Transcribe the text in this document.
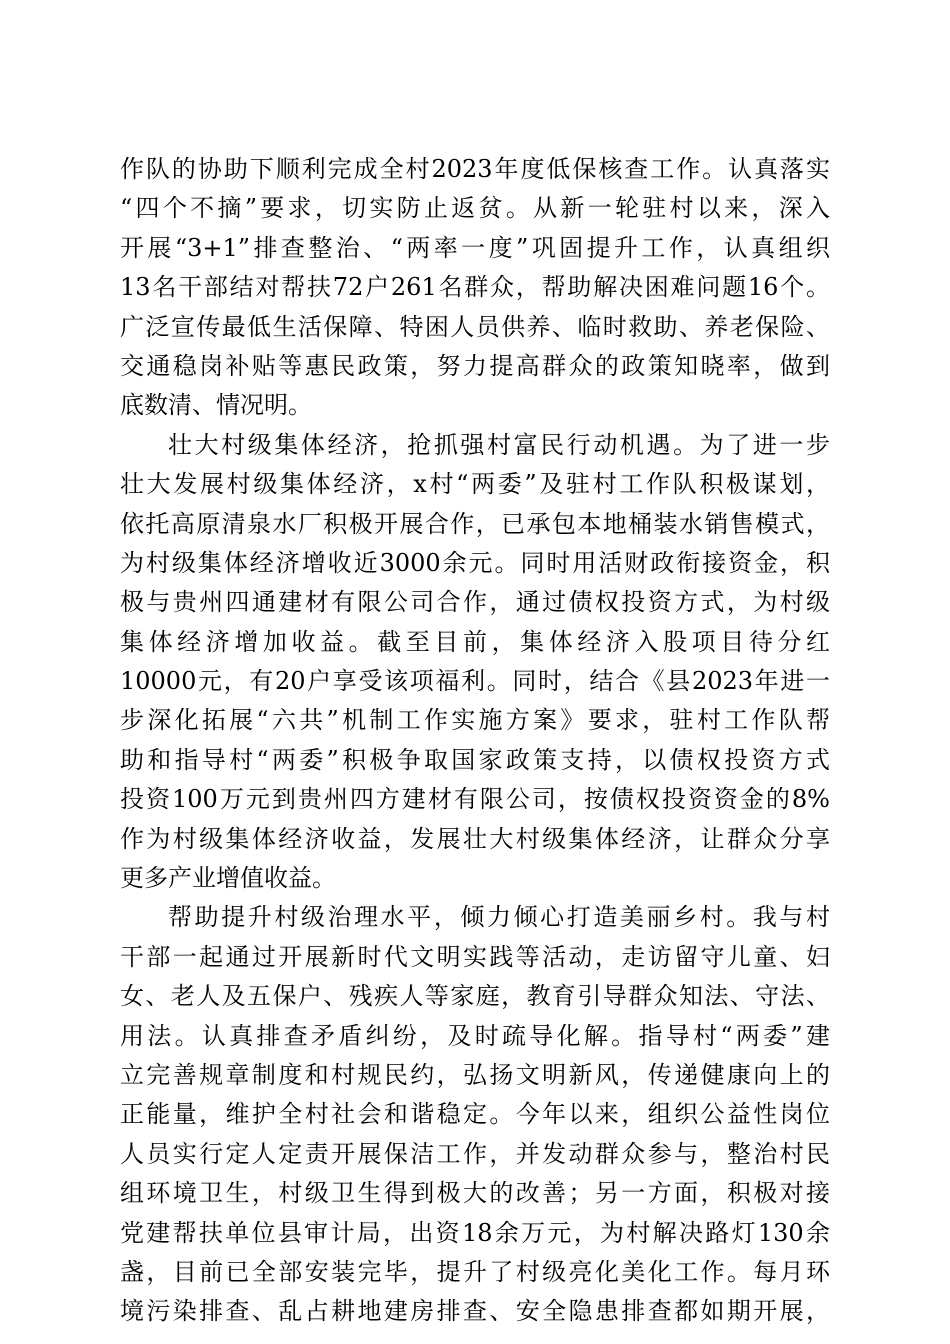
作队的协助下顺利完成全村2023年度低保核查工作。认真落实
“四个不摘”要求，切实防止返贫。从新一轮驻村以来，深入
开展“3+1”排查整治、“两率一度”巩固提升工作，认真组织
13名干部结对帮扶72户261名群众，帮助解决困难问题16个。
广泛宣传最低生活保障、特困人员供养、临时救助、养老保险、
交通稳岗补贴等惠民政策，努力提高群众的政策知晓率，做到
底数清、情况明。
壮大村级集体经济，抢抓强村富民行动机遇。为了进一步
壮大发展村级集体经济，x村“两委”及驻村工作队积极谋划，
依托高原清泉水厂积极开展合作，已承包本地桶装水销售模式，
为村级集体经济增收近3000余元。同时用活财政衔接资金，积
极与贵州四通建材有限公司合作，通过债权投资方式，为村级
集体经济增加收益。截至目前，集体经济入股项目待分红
10000元，有20户享受该项福利。同时，结合《县2023年进一
步深化拓展“六共”机制工作实施方案》要求，驻村工作队帮
助和指导村“两委”积极争取国家政策支持，以债权投资方式
投资100万元到贵州四方建材有限公司，按债权投资资金的8%
作为村级集体经济收益，发展壮大村级集体经济，让群众分享
更多产业增值收益。
帮助提升村级治理水平，倾力倾心打造美丽乡村。我与村
干部一起通过开展新时代文明实践等活动，走访留守儿童、妇
女、老人及五保户、残疾人等家庭，教育引导群众知法、守法、
用法。认真排查矛盾纠纷，及时疏导化解。指导村“两委”建
立完善规章制度和村规民约，弘扬文明新风，传递健康向上的
正能量，维护全村社会和谐稳定。今年以来，组织公益性岗位
人员实行定人定责开展保洁工作，并发动群众参与，整治村民
组环境卫生，村级卫生得到极大的改善；另一方面，积极对接
党建帮扶单位县审计局，出资18余万元，为村解决路灯130余
盏，目前已全部安装完毕，提升了村级亮化美化工作。每月环
境污染排查、乱占耕地建房排查、安全隐患排查都如期开展，
